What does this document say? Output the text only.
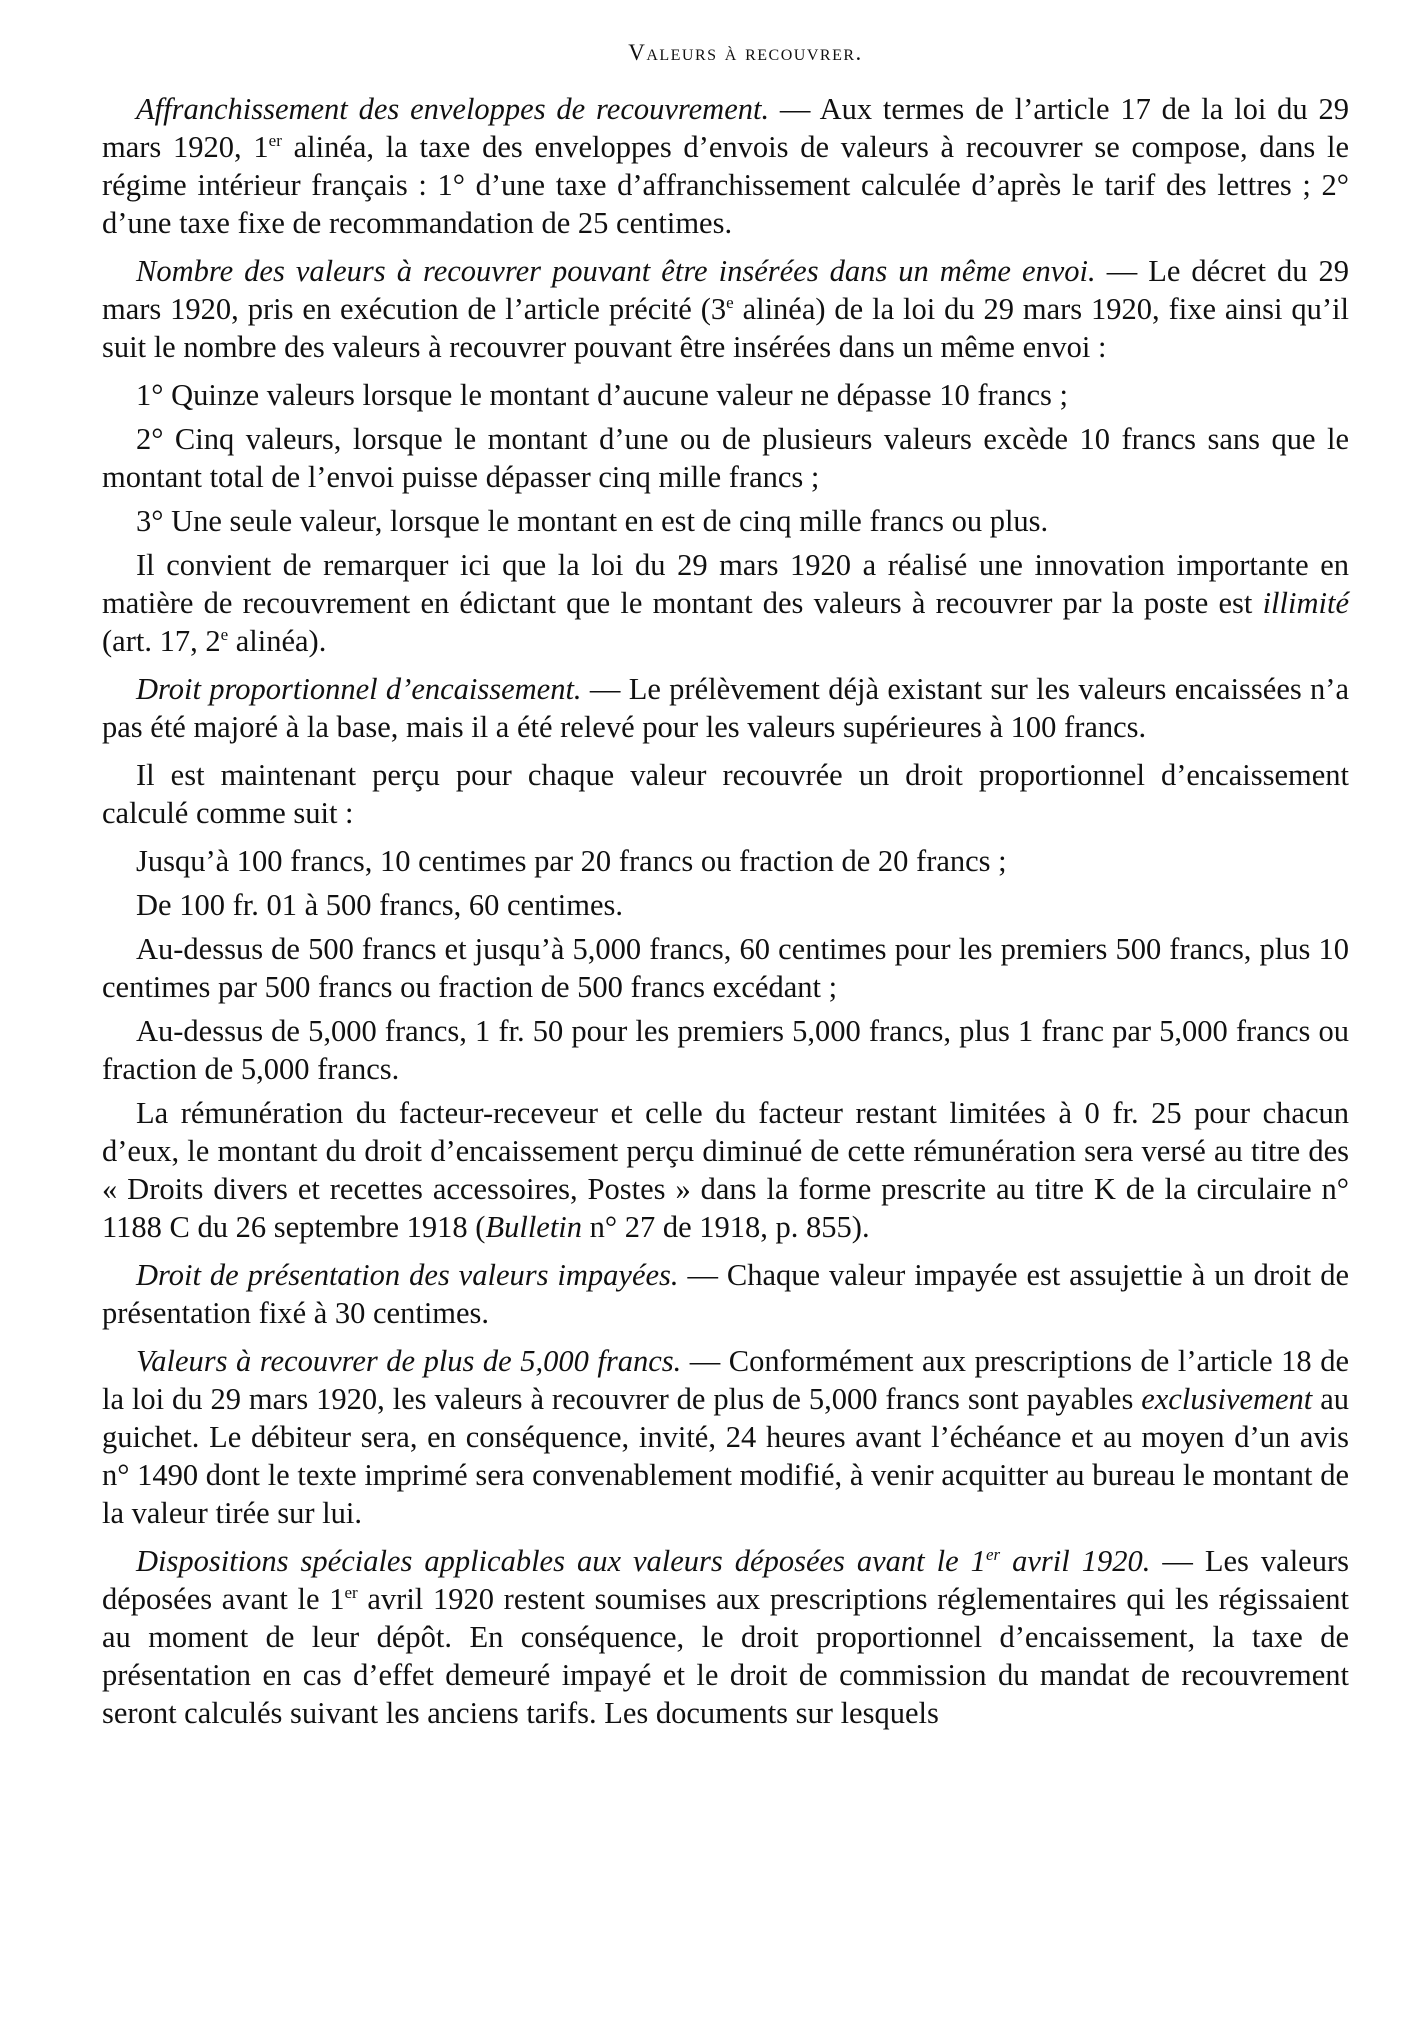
Valeurs à recouvrer.

Affranchissement des enveloppes de recouvrement. — Aux termes de l’article 17 de la loi du 29 mars 1920, 1er alinéa, la taxe des enveloppes d’envois de valeurs à recouvrer se compose, dans le régime intérieur français : 1° d’une taxe d’affranchissement calculée d’après le tarif des lettres ; 2° d’une taxe fixe de recommandation de 25 centimes.

Nombre des valeurs à recouvrer pouvant être insérées dans un même envoi. — Le décret du 29 mars 1920, pris en exécution de l’article précité (3e alinéa) de la loi du 29 mars 1920, fixe ainsi qu’il suit le nombre des valeurs à recouvrer pouvant être insérées dans un même envoi :

1° Quinze valeurs lorsque le montant d’aucune valeur ne dépasse 10 francs ;

2° Cinq valeurs, lorsque le montant d’une ou de plusieurs valeurs excède 10 francs sans que le montant total de l’envoi puisse dépasser cinq mille francs ;

3° Une seule valeur, lorsque le montant en est de cinq mille francs ou plus.

Il convient de remarquer ici que la loi du 29 mars 1920 a réalisé une innovation importante en matière de recouvrement en édictant que le montant des valeurs à recouvrer par la poste est illimité (art. 17, 2e alinéa).

Droit proportionnel d’encaissement. — Le prélèvement déjà existant sur les valeurs encaissées n’a pas été majoré à la base, mais il a été relevé pour les valeurs supérieures à 100 francs.

Il est maintenant perçu pour chaque valeur recouvrée un droit proportionnel d’encaissement calculé comme suit :

Jusqu’à 100 francs, 10 centimes par 20 francs ou fraction de 20 francs ;

De 100 fr. 01 à 500 francs, 60 centimes.

Au-dessus de 500 francs et jusqu’à 5,000 francs, 60 centimes pour les premiers 500 francs, plus 10 centimes par 500 francs ou fraction de 500 francs excédant ;

Au-dessus de 5,000 francs, 1 fr. 50 pour les premiers 5,000 francs, plus 1 franc par 5,000 francs ou fraction de 5,000 francs.

La rémunération du facteur-receveur et celle du facteur restant limitées à 0 fr. 25 pour chacun d’eux, le montant du droit d’encaissement perçu diminué de cette rémunération sera versé au titre des « Droits divers et recettes accessoires, Postes » dans la forme prescrite au titre K de la circulaire n° 1188 C du 26 septembre 1918 (Bulletin n° 27 de 1918, p. 855).

Droit de présentation des valeurs impayées. — Chaque valeur impayée est assujettie à un droit de présentation fixé à 30 centimes.

Valeurs à recouvrer de plus de 5,000 francs. — Conformément aux prescriptions de l’article 18 de la loi du 29 mars 1920, les valeurs à recouvrer de plus de 5,000 francs sont payables exclusivement au guichet. Le débiteur sera, en conséquence, invité, 24 heures avant l’échéance et au moyen d’un avis n° 1490 dont le texte imprimé sera convenablement modifié, à venir acquitter au bureau le montant de la valeur tirée sur lui.

Dispositions spéciales applicables aux valeurs déposées avant le 1er avril 1920. — Les valeurs déposées avant le 1er avril 1920 restent soumises aux prescriptions réglementaires qui les régissaient au moment de leur dépôt. En conséquence, le droit proportionnel d’encaissement, la taxe de présentation en cas d’effet demeuré impayé et le droit de commission du mandat de recouvrement seront calculés suivant les anciens tarifs. Les documents sur lesquels
